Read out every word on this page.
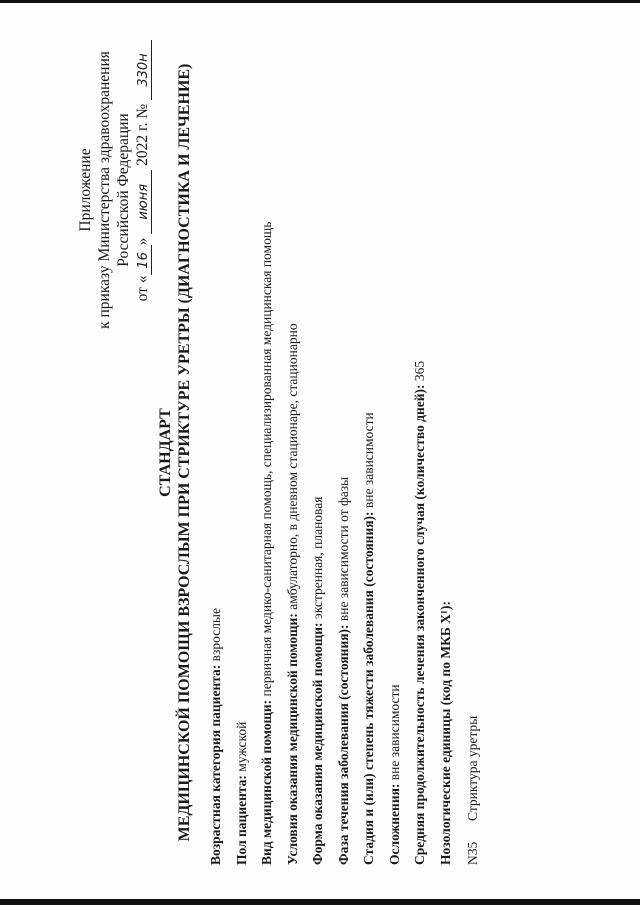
Приложение к приказу Министерства здравоохранения Российской Федерации
от «16» июня 2022 г. № 330н
СТАНДАРТ МЕДИЦИНСКОЙ ПОМОЩИ ВЗРОСЛЫМ ПРИ СТРИКТУРЕ УРЕТРЫ (ДИАГНОСТИКА И ЛЕЧЕНИЕ)	Возрастная категория пациента: взрослые
Пол пациента: мужской Вид медицинской помощи: первичная медико-санитарная помощь, специализированная медицинская помощь
Условия оказания медицинской помощи: амбулаторно, в дневном стационаре, стационарно
Форма оказания медицинской помощи: экстренная, плановая
Фаза течения заболевания (состояния): вне зависимости от фазы Стадия и (или) степень тяжести заболевания (состояния): вне зависимости
Осложнения: вне зависимости Средняя продолжительность лечения законченного случая (количество дней): 365
Нозологические единицы (код по МКБ X¹): N35Стриктура уретры
